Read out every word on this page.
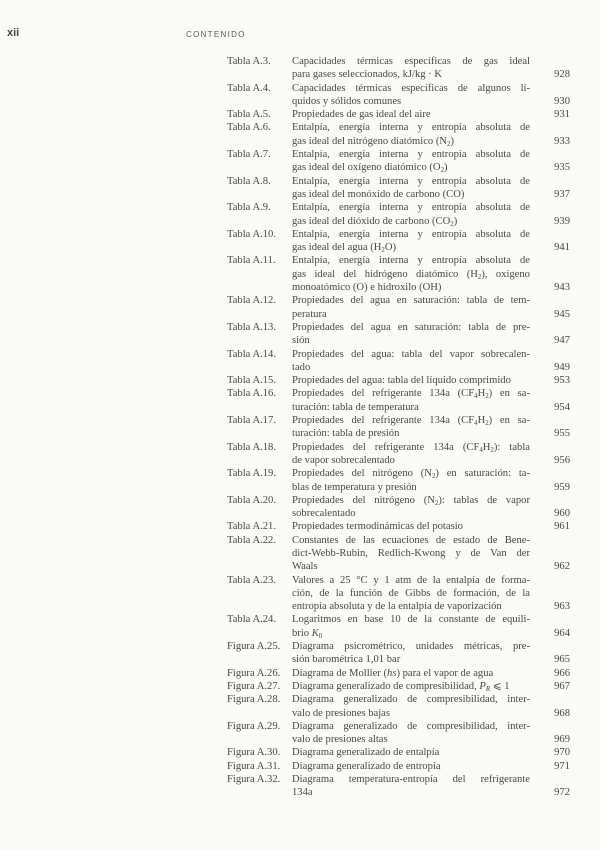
xii	CONTENIDO
Tabla A.3.	Capacidades térmicas específicas de gas ideal
para gases seleccionados, kJ/kg · K	928
Tabla A.4.	Capacidades térmicas específicas de algunos lí-
quidos y sólidos comunes	930
Tabla A.5.	Propiedades de gas ideal del aire	931
Tabla A.6.	Entalpía, energía interna y entropía absoluta de
gas ideal del nitrógeno diatómico $(N_2)$	933
Tabla A.7.	Entalpía, energía interna y entropía absoluta de
gas ideal del oxígeno diatómico $(O_2)$	935
Tabla A.8.	Entalpía, energía interna y entropía absoluta de
gas ideal del monóxido de carbono (CO)	937
Tabla A.9.	Entalpía, energía interna y entropía absoluta de
gas ideal del dióxido de carbono $(CO_2)$	939
Tabla A.10.	Entalpía, energía interna y entropía absoluta de
gas ideal del agua $(H_2O)$	941
Tabla A.11.	Entalpía, energía interna y entropía absoluta de
gas ideal del hidrógeno diatómico $(H_2)$, oxígeno
monoatómico (O) e hidroxilo (OH)	943
Tabla A.12.	Propiedades del agua en saturación: tabla de tem-
peratura	945
Tabla A.13.	Propiedades del agua en saturación: tabla de pre-
sión	947
Tabla A.14.	Propiedades del agua: tabla del vapor sobrecalen-
tado	949
Tabla A.15.	Propiedades del agua: tabla del líquido comprimido	953
Tabla A.16.	Propiedades del refrigerante 134a $(CF_4H_2)$ en sa-
turación: tabla de temperatura	954
Tabla A.17.	Propiedades del refrigerante 134a $(CF_4H_2)$ en sa-
turación: tabla de presión	955
Tabla A.18.	Propiedades del refrigerante 134a $(CF_4H_2)$: tabla
de vapor sobrecalentado	956
Tabla A.19.	Propiedades del nitrógeno $(N_2)$ en saturación: ta-
blas de temperatura y presión	959
Tabla A.20.	Propiedades del nitrógeno $(N_2)$: tablas de vapor
sobrecalentado	960
Tabla A.21.	Propiedades termodinámicas del potasio	961
Tabla A.22.	Constantes de las ecuaciones de estado de Bene-
dict-Webb-Rubin, Redlich-Kwong y de Van der
Waals	962
Tabla A.23.	Valores a 25 °C y 1 atm de la entalpía de forma-
ción, de la función de Gibbs de formación, de la
entropía absoluta y de la entalpía de vaporización	963
Tabla A.24.	Logaritmos en base 10 de la constante de equili-
brio $K_0$	964
Figura A.25.	Diagrama psicrométrico, unidades métricas, pre-
sión barométrica 1,01 bar	965
Figura A.26.	Diagrama de Mollier (hs) para el vapor de agua	966
Figura A.27.	Diagrama generalizado de compresibilidad, $P_R$ ⩽ 1	967
Figura A.28.	Diagrama generalizado de compresibilidad, inter-
valo de presiones bajas	968
Figura A.29.	Diagrama generalizado de compresibilidad, inter-
valo de presiones altas	969
Figura A.30.	Diagrama generalizado de entalpía	970
Figura A.31.	Diagrama generalizado de entropía	971
Figura A.32.	Diagrama temperatura-entropía del refrigerante
134a	972
